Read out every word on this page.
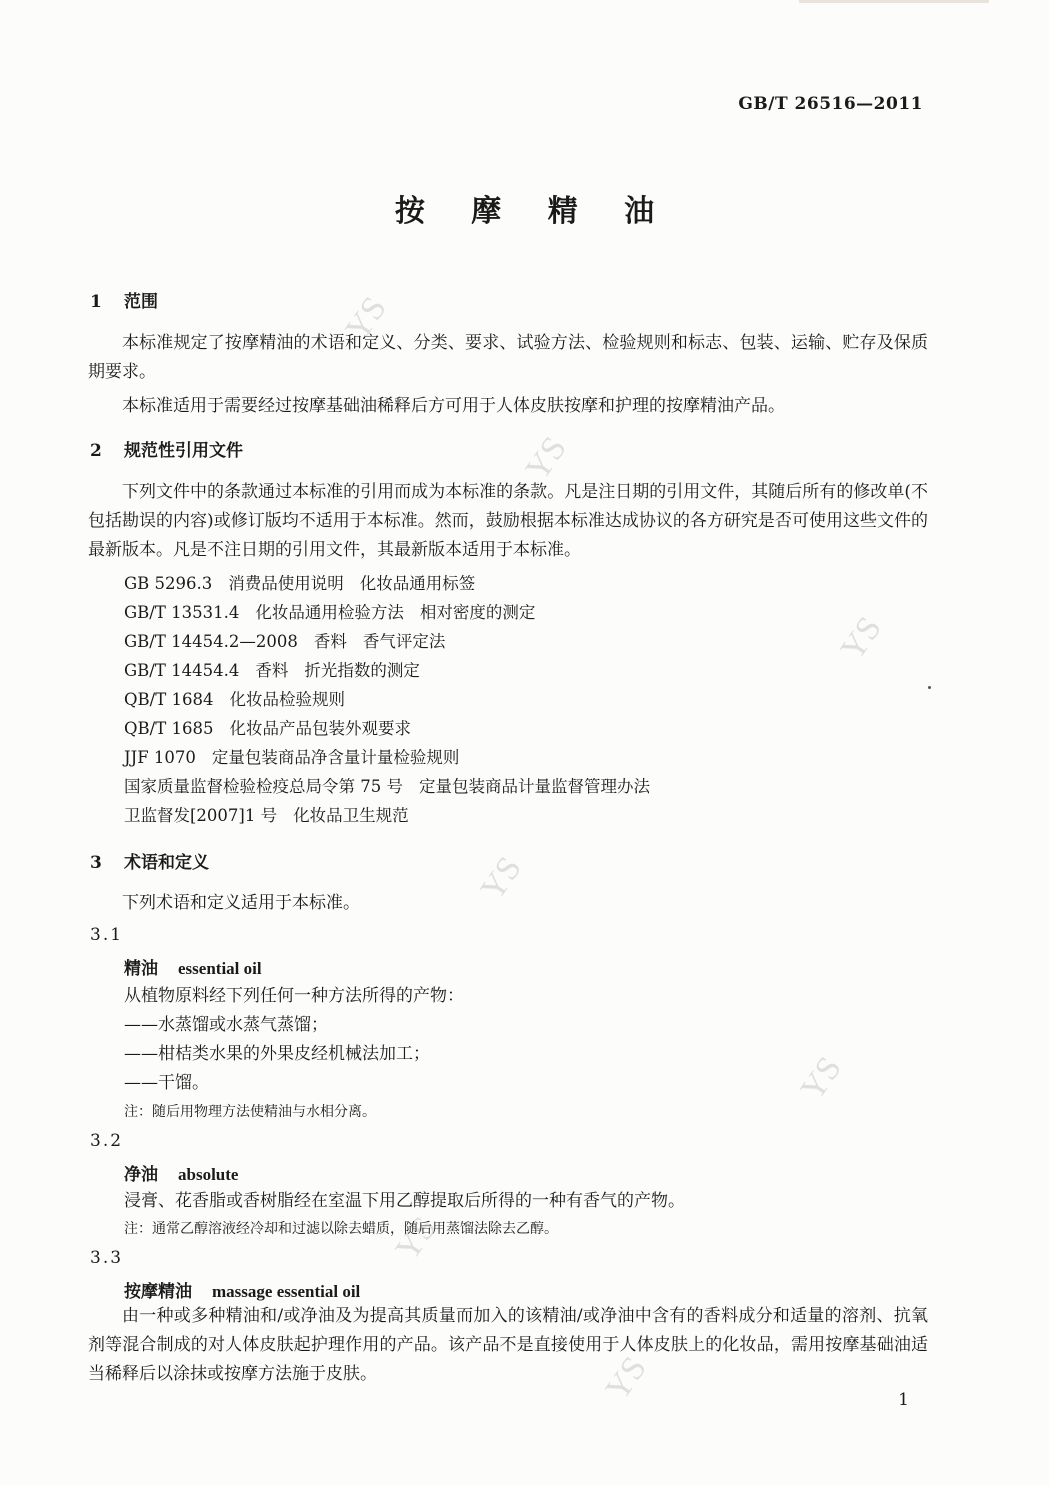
YS
YS
YS
YS
YS
YS
YS
GB/T 26516—2011
按 摩 精 油
1 范围
本标准规定了按摩精油的术语和定义、分类、要求、试验方法、检验规则和标志、包装、运输、贮存及保质期要求。
本标准适用于需要经过按摩基础油稀释后方可用于人体皮肤按摩和护理的按摩精油产品。
2 规范性引用文件
下列文件中的条款通过本标准的引用而成为本标准的条款。凡是注日期的引用文件，其随后所有的修改单(不包括勘误的内容)或修订版均不适用于本标准。然而，鼓励根据本标准达成协议的各方研究是否可使用这些文件的最新版本。凡是不注日期的引用文件，其最新版本适用于本标准。
GB 5296.3 消费品使用说明 化妆品通用标签
GB/T 13531.4 化妆品通用检验方法 相对密度的测定
GB/T 14454.2—2008 香料 香气评定法
GB/T 14454.4 香料 折光指数的测定
QB/T 1684 化妆品检验规则
QB/T 1685 化妆品产品包装外观要求
JJF 1070 定量包装商品净含量计量检验规则
国家质量监督检验检疫总局令第 75 号 定量包装商品计量监督管理办法
卫监督发[2007]1 号 化妆品卫生规范
3 术语和定义
下列术语和定义适用于本标准。
3.1
精油 essential oil
从植物原料经下列任何一种方法所得的产物：
——水蒸馏或水蒸气蒸馏；
——柑桔类水果的外果皮经机械法加工；
——干馏。
注：随后用物理方法使精油与水相分离。
3.2
净油 absolute
浸膏、花香脂或香树脂经在室温下用乙醇提取后所得的一种有香气的产物。
注：通常乙醇溶液经冷却和过滤以除去蜡质，随后用蒸馏法除去乙醇。
3.3
按摩精油 massage essential oil
由一种或多种精油和/或净油及为提高其质量而加入的该精油/或净油中含有的香料成分和适量的溶剂、抗氧剂等混合制成的对人体皮肤起护理作用的产品。该产品不是直接使用于人体皮肤上的化妆品，需用按摩基础油适当稀释后以涂抹或按摩方法施于皮肤。
1
